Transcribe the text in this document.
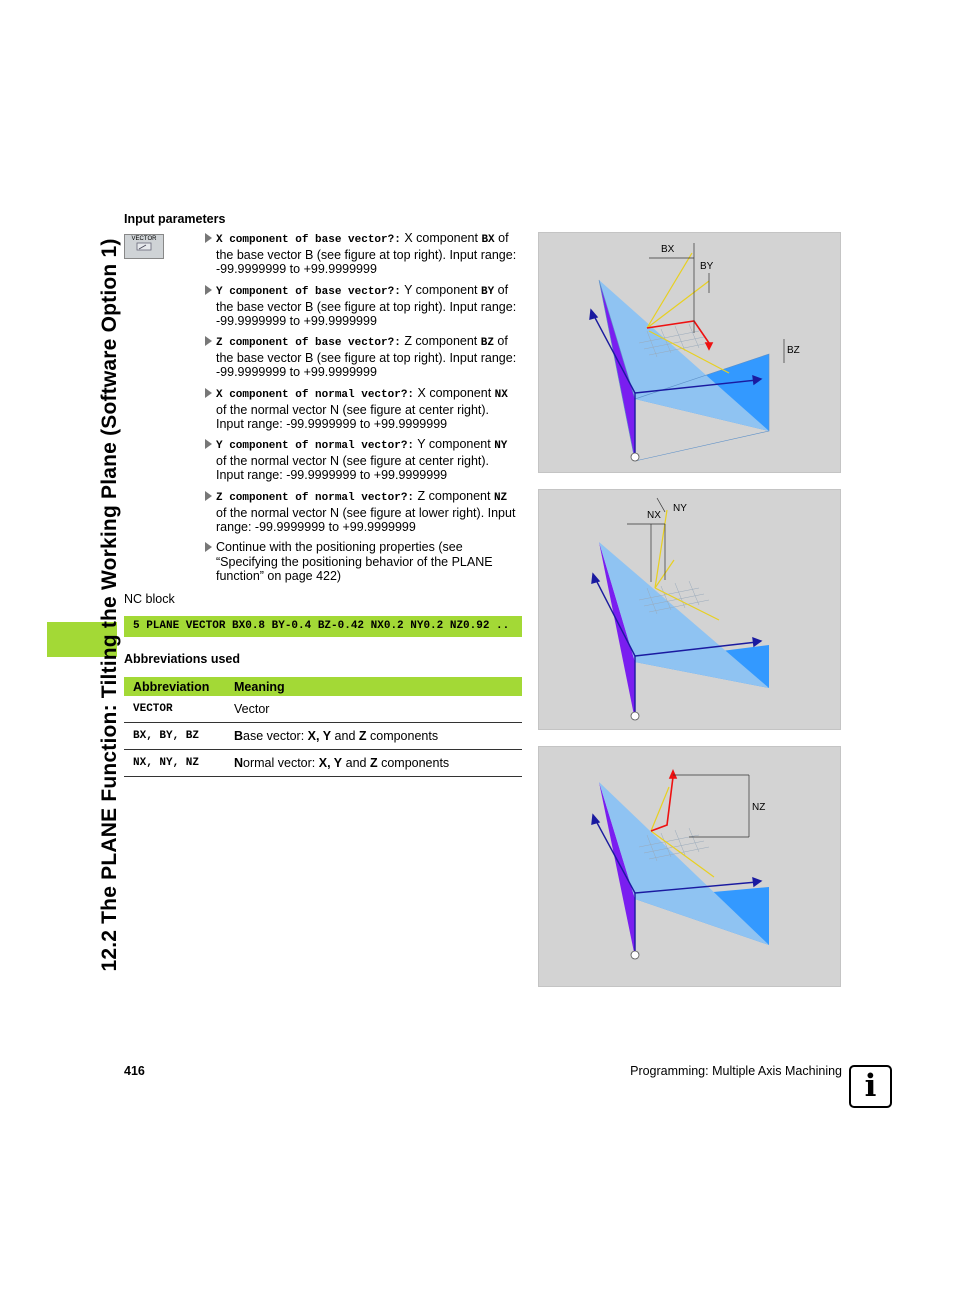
12.2 The PLANE Function: Tilting the Working Plane (Software Option 1)
Input parameters
VECTOR	X component of base vector?: X component BX of the base vector B (see figure at top right). Input range: -99.9999999 to +99.9999999
Y component of base vector?: Y component BY of the base vector B (see figure at top right). Input range: -99.9999999 to +99.9999999
Z component of base vector?: Z component BZ of the base vector B (see figure at top right). Input range: -99.9999999 to +99.9999999
X component of normal vector?: X component NX of the normal vector N (see figure at center right). Input range: -99.9999999 to +99.9999999
Y component of normal vector?: Y component NY of the normal vector N (see figure at center right). Input range: -99.9999999 to +99.9999999
Z component of normal vector?: Z component NZ of the normal vector N (see figure at lower right). Input range: -99.9999999 to +99.9999999
Continue with the positioning properties (see “Specifying the positioning behavior of the PLANE function” on page 422)
NC block
5 PLANE VECTOR BX0.8 BY-0.4 BZ-0.42 NX0.2 NY0.2 NZ0.92 ..
Abbreviations used
Abbreviation	Meaning
VECTOR	Vector
BX, BY, BZ	Base vector: X, Y and Z components
NX, NY, NZ	Normal vector: X, Y and Z components
BX
BY
BZ
NX
NY
NZ
416	Programming: Multiple Axis Machining i
